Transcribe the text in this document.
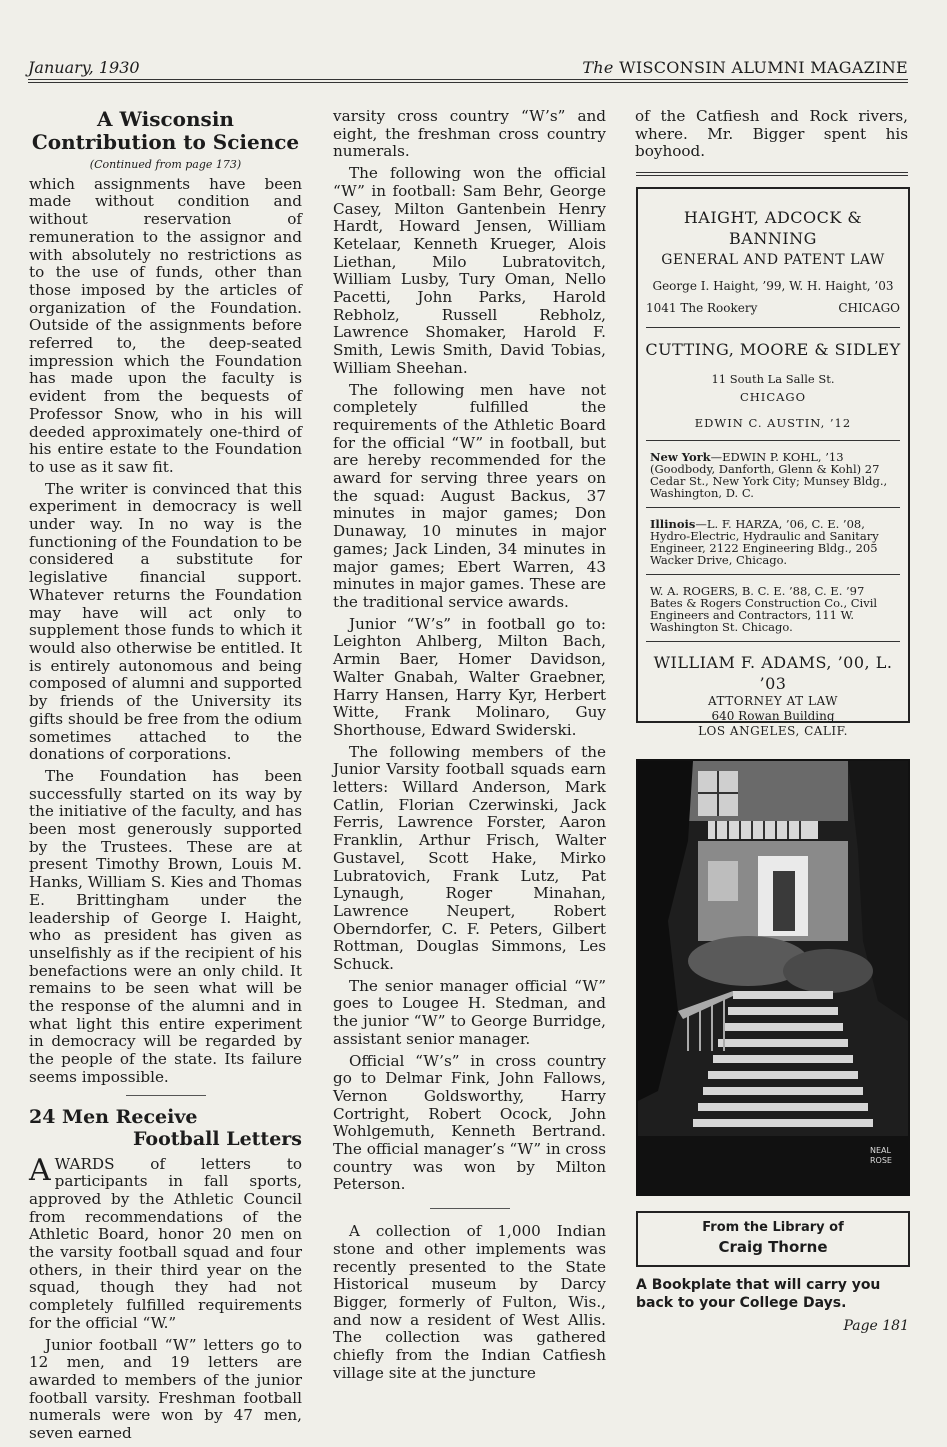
January, 1930	The WISCONSIN ALUMNI MAGAZINE
A Wisconsin Contribution to Science
(Continued from page 173)

which assignments have been made without condition and without reservation of remuneration to the assignor and with absolutely no restrictions as to the use of funds, other than those imposed by the articles of organization of the Foundation. Outside of the assignments before referred to, the deep-seated impression which the Foundation has made upon the faculty is evident from the bequests of Professor Snow, who in his will deeded approximately one-third of his entire estate to the Foundation to use as it saw fit.

The writer is convinced that this experiment in democracy is well under way. In no way is the functioning of the Foundation to be considered a substitute for legislative financial support. Whatever returns the Foundation may have will act only to supplement those funds to which it would also otherwise be entitled. It is entirely autonomous and being composed of alumni and supported by friends of the University its gifts should be free from the odium sometimes attached to the donations of corporations.

The Foundation has been successfully started on its way by the initiative of the faculty, and has been most generously supported by the Trustees. These are at present Timothy Brown, Louis M. Hanks, William S. Kies and Thomas E. Brittingham under the leadership of George I. Haight, who as president has given as unselfishly as if the recipient of his benefactions were an only child. It remains to be seen what will be the response of the alumni and in what light this entire experiment in democracy will be regarded by the people of the state. Its failure seems impossible.

24 Men Receive
Football Letters

AWARDS of letters to participants in fall sports, approved by the Athletic Council from recommendations of the Athletic Board, honor 20 men on the varsity football squad and four others, in their third year on the squad, though they had not completely fulfilled requirements for the official “W.”

Junior football “W” letters go to 12 men, and 19 letters are awarded to members of the junior football varsity. Freshman football numerals were won by 47 men, seven earned

varsity cross country “W’s” and eight, the freshman cross country numerals.

The following won the official “W” in football: Sam Behr, George Casey, Milton Gantenbein Henry Hardt, Howard Jensen, William Ketelaar, Kenneth Krueger, Alois Liethan, Milo Lubratovitch, William Lusby, Tury Oman, Nello Pacetti, John Parks, Harold Rebholz, Russell Rebholz, Lawrence Shomaker, Harold F. Smith, Lewis Smith, David Tobias, William Sheehan.

The following men have not completely fulfilled the requirements of the Athletic Board for the official “W” in football, but are hereby recommended for the award for serving three years on the squad: August Backus, 37 minutes in major games; Don Dunaway, 10 minutes in major games; Jack Linden, 34 minutes in major games; Ebert Warren, 43 minutes in major games. These are the traditional service awards.

Junior “W’s” in football go to: Leighton Ahlberg, Milton Bach, Armin Baer, Homer Davidson, Walter Gnabah, Walter Graebner, Harry Hansen, Harry Kyr, Herbert Witte, Frank Molinaro, Guy Shorthouse, Edward Swiderski.

The following members of the Junior Varsity football squads earn letters: Willard Anderson, Mark Catlin, Florian Czerwinski, Jack Ferris, Lawrence Forster, Aaron Franklin, Arthur Frisch, Walter Gustavel, Scott Hake, Mirko Lubratovich, Frank Lutz, Pat Lynaugh, Roger Minahan, Lawrence Neupert, Robert Oberndorfer, C. F. Peters, Gilbert Rottman, Douglas Simmons, Les Schuck.

The senior manager official “W” goes to Lougee H. Stedman, and the junior “W” to George Burridge, assistant senior manager.

Official “W’s” in cross country go to Delmar Fink, John Fallows, Vernon Goldsworthy, Harry Cortright, Robert Ocock, John Wohlgemuth, Kenneth Bertrand. The official manager’s “W” in cross country was won by Milton Peterson.

A collection of 1,000 Indian stone and other implements was recently presented to the State Historical museum by Darcy Bigger, formerly of Fulton, Wis., and now a resident of West Allis. The collection was gathered chiefly from the Indian Catfiesh village site at the juncture

of the Catfiesh and Rock rivers, where. Mr. Bigger spent his boyhood.

HAIGHT, ADCOCK &
BANNING
GENERAL AND PATENT LAW
George I. Haight, ’99, W. H. Haight, ’03
1041 The Rookery	CHICAGO
CUTTING, MOORE & SIDLEY
11 South La Salle St.
CHICAGO
EDWIN C. AUSTIN, ’12
New York—EDWIN P. KOHL, ’13 (Goodbody, Danforth, Glenn & Kohl) 27 Cedar St., New York City; Munsey Bldg., Washington, D. C.
Illinois—L. F. HARZA, ’06, C. E. ’08, Hydro-Electric, Hydraulic and Sanitary Engineer, 2122 Engineering Bldg., 205 Wacker Drive, Chicago.
W. A. ROGERS, B. C. E. ’88, C. E. ’97 Bates & Rogers Construction Co., Civil Engineers and Contractors, 111 W. Washington St. Chicago.
WILLIAM F. ADAMS, ’00, L. ’03
ATTORNEY AT LAW
640 Rowan Building
LOS ANGELES, CALIF.
NEAL
ROSE
From the Library of
Craig Thorne
A Bookplate that will carry you back to your College Days.
Page 181
